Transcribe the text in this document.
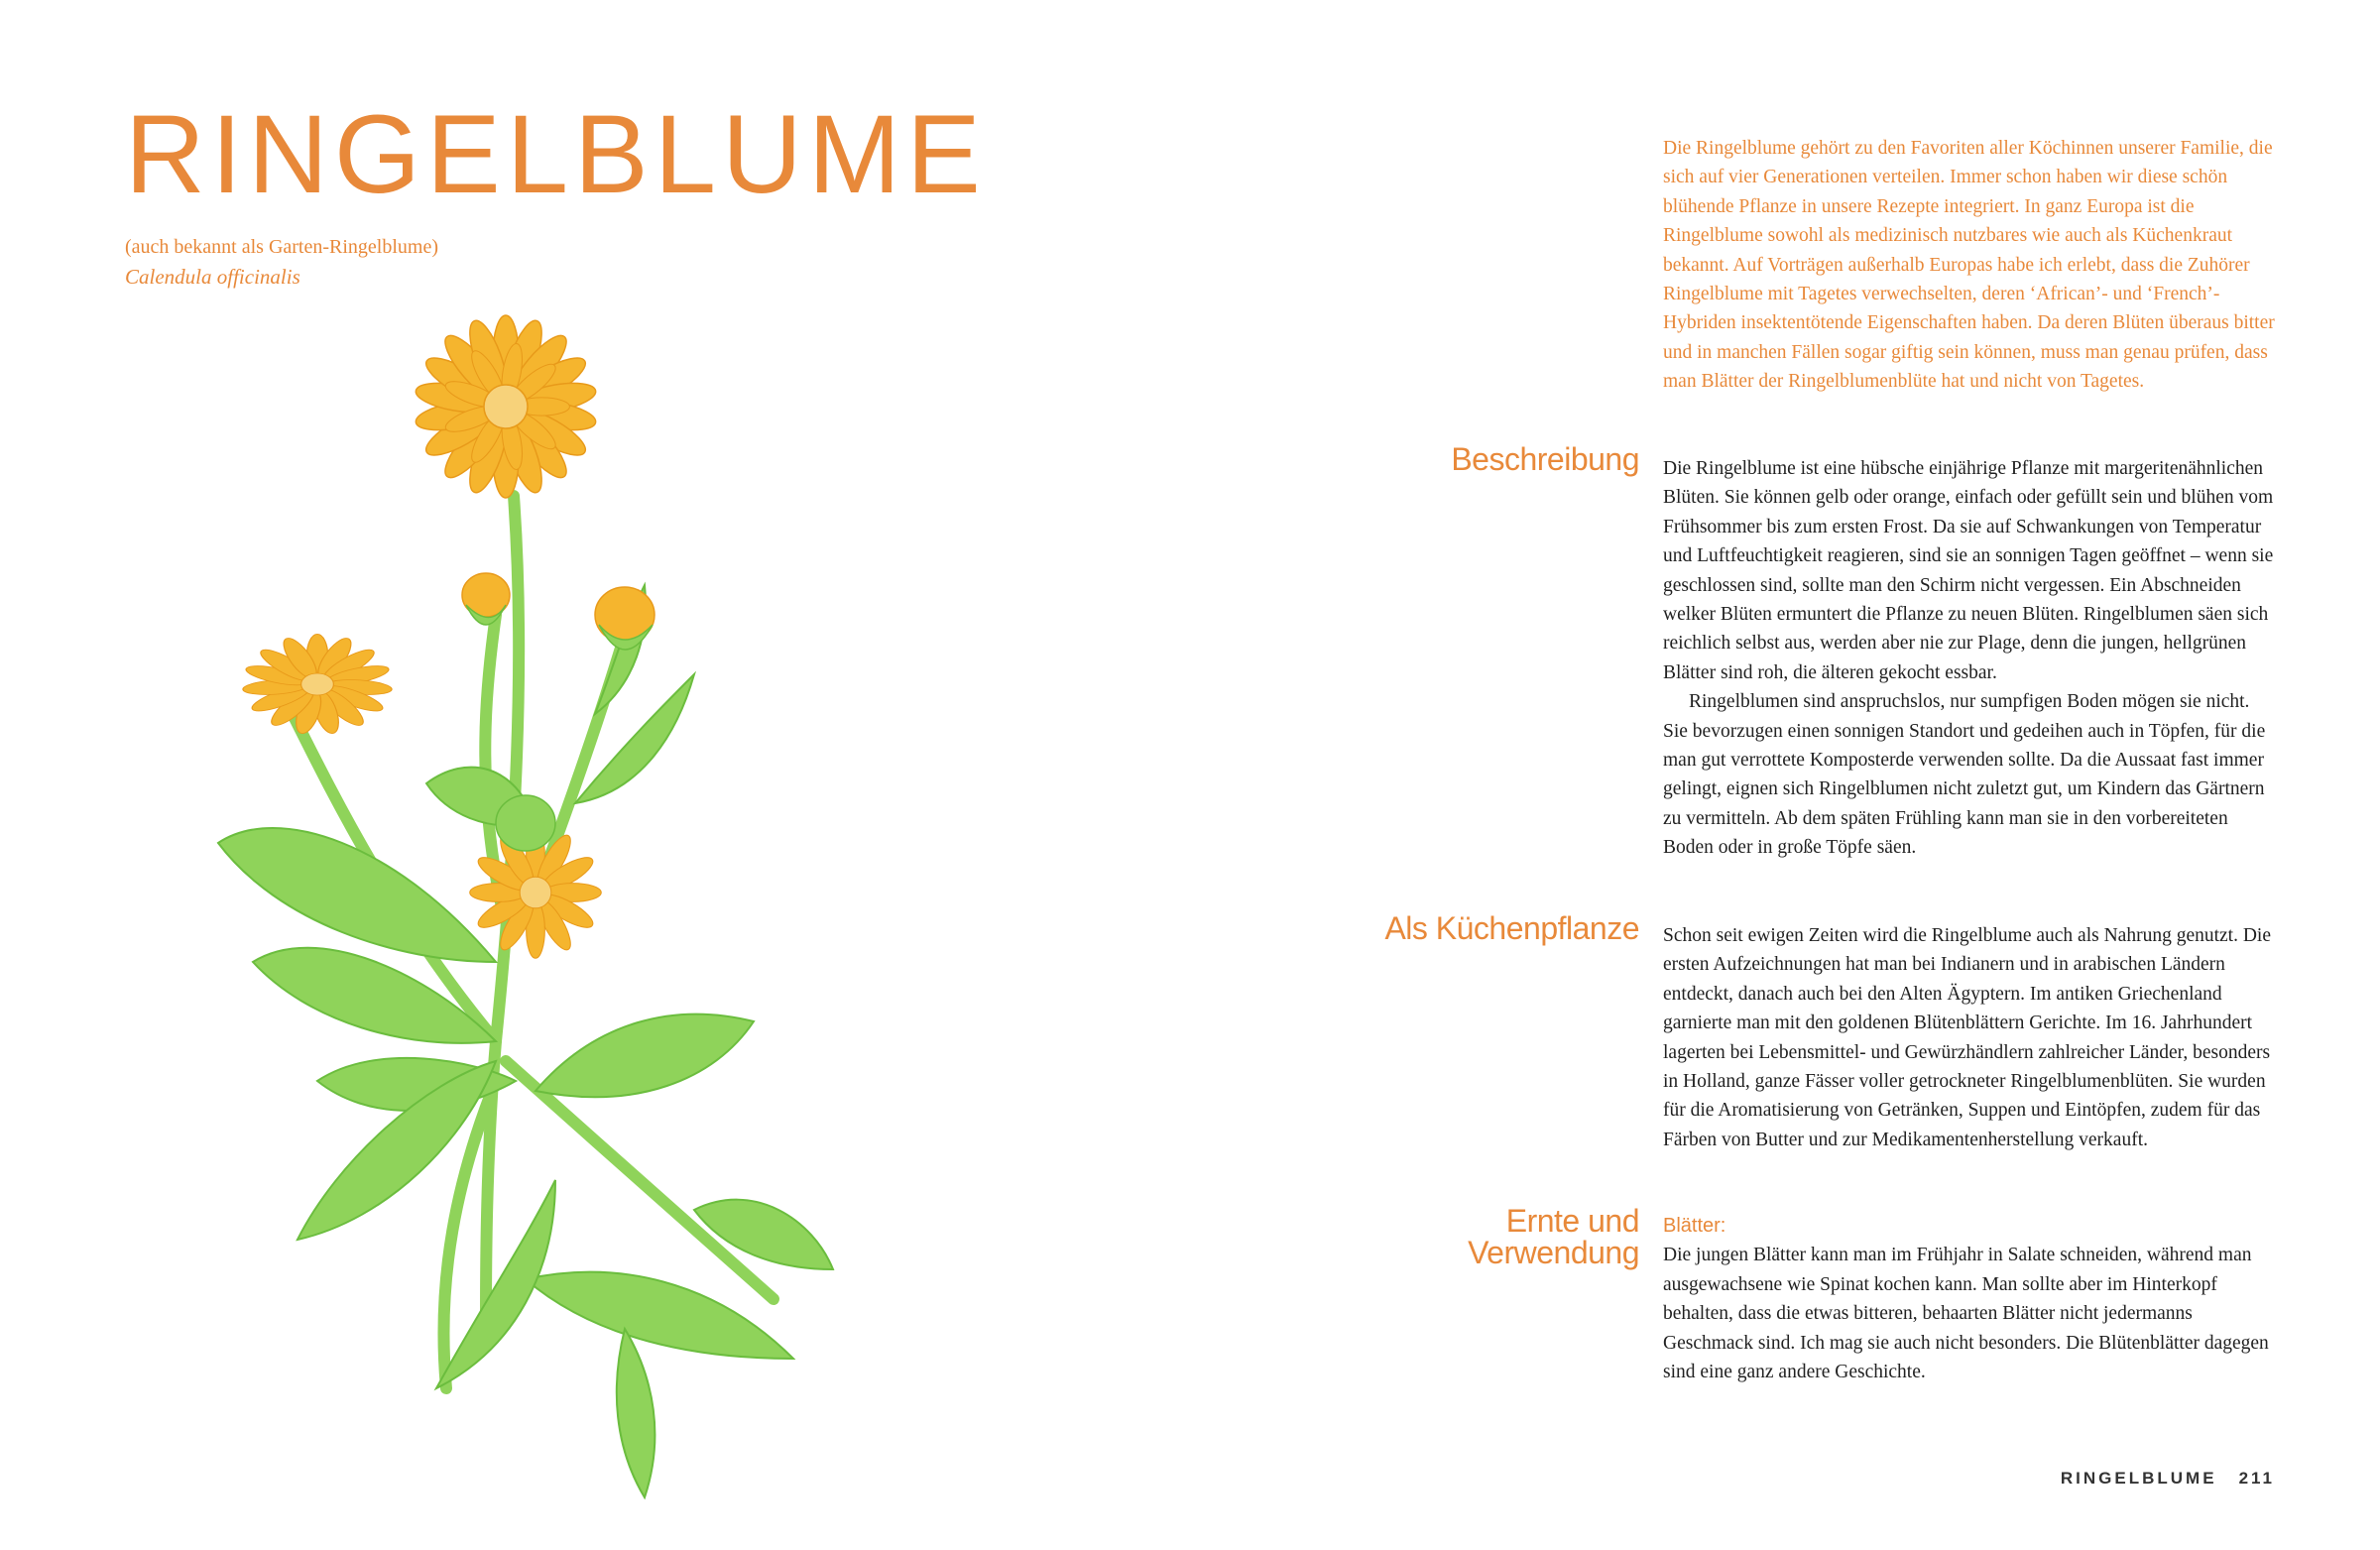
RINGELBLUME
(auch bekannt als Garten-Ringelblume)
Calendula officinalis

Die Ringelblume gehört zu den Favoriten aller Köchinnen unserer Familie, die sich auf vier Generationen verteilen. Immer schon haben wir diese schön blühende Pflanze in unsere Rezepte integriert. In ganz Europa ist die Ringelblume sowohl als medizinisch nutzbares wie auch als Küchenkraut bekannt. Auf Vorträgen außerhalb Europas habe ich erlebt, dass die Zuhörer Ringelblume mit Tagetes verwechselten, deren ‘African’- und ‘French’-Hybriden insektentötende Eigenschaften haben. Da deren Blüten überaus bitter und in manchen Fällen sogar giftig sein können, muss man genau prüfen, dass man Blätter der Ringelblumenblüte hat und nicht von Tagetes.

Beschreibung Die Ringelblume ist eine hübsche einjährige Pflanze mit margeritenähnlichen Blüten. Sie können gelb oder orange, einfach oder gefüllt sein und blühen vom Frühsommer bis zum ersten Frost. Da sie auf Schwankungen von Temperatur und Luftfeuchtigkeit reagieren, sind sie an sonnigen Tagen geöffnet – wenn sie geschlossen sind, sollte man den Schirm nicht vergessen. Ein Abschneiden welker Blüten ermuntert die Pflanze zu neuen Blüten. Ringelblumen säen sich reichlich selbst aus, werden aber nie zur Plage, denn die jungen, hellgrünen Blätter sind roh, die älteren gekocht essbar.

Ringelblumen sind anspruchslos, nur sumpfigen Boden mögen sie nicht. Sie bevorzugen einen sonnigen Standort und gedeihen auch in Töpfen, für die man gut verrottete Komposterde verwenden sollte. Da die Aussaat fast immer gelingt, eignen sich Ringelblumen nicht zuletzt gut, um Kindern das Gärtnern zu vermitteln. Ab dem späten Frühling kann man sie in den vorbereiteten Boden oder in große Töpfe säen.

Als Küchenpflanze Schon seit ewigen Zeiten wird die Ringelblume auch als Nahrung genutzt. Die ersten Aufzeichnungen hat man bei Indianern und in arabischen Ländern entdeckt, danach auch bei den Alten Ägyptern. Im antiken Griechenland garnierte man mit den goldenen Blütenblättern Gerichte. Im 16. Jahrhundert lagerten bei Lebensmittel- und Gewürzhändlern zahlreicher Länder, besonders in Holland, ganze Fässer voller getrockneter Ringelblumenblüten. Sie wurden für die Aromatisierung von Getränken, Suppen und Eintöpfen, zudem für das Färben von Butter und zur Medikamentenherstellung verkauft.

Ernte und
Verwendung
Blätter:

Die jungen Blätter kann man im Frühjahr in Salate schneiden, während man ausgewachsene wie Spinat kochen kann. Man sollte aber im Hinterkopf behalten, dass die etwas bitteren, behaarten Blätter nicht jedermanns Geschmack sind. Ich mag sie auch nicht besonders. Die Blütenblätter dagegen sind eine ganz andere Geschichte.

RINGELBLUME 211
